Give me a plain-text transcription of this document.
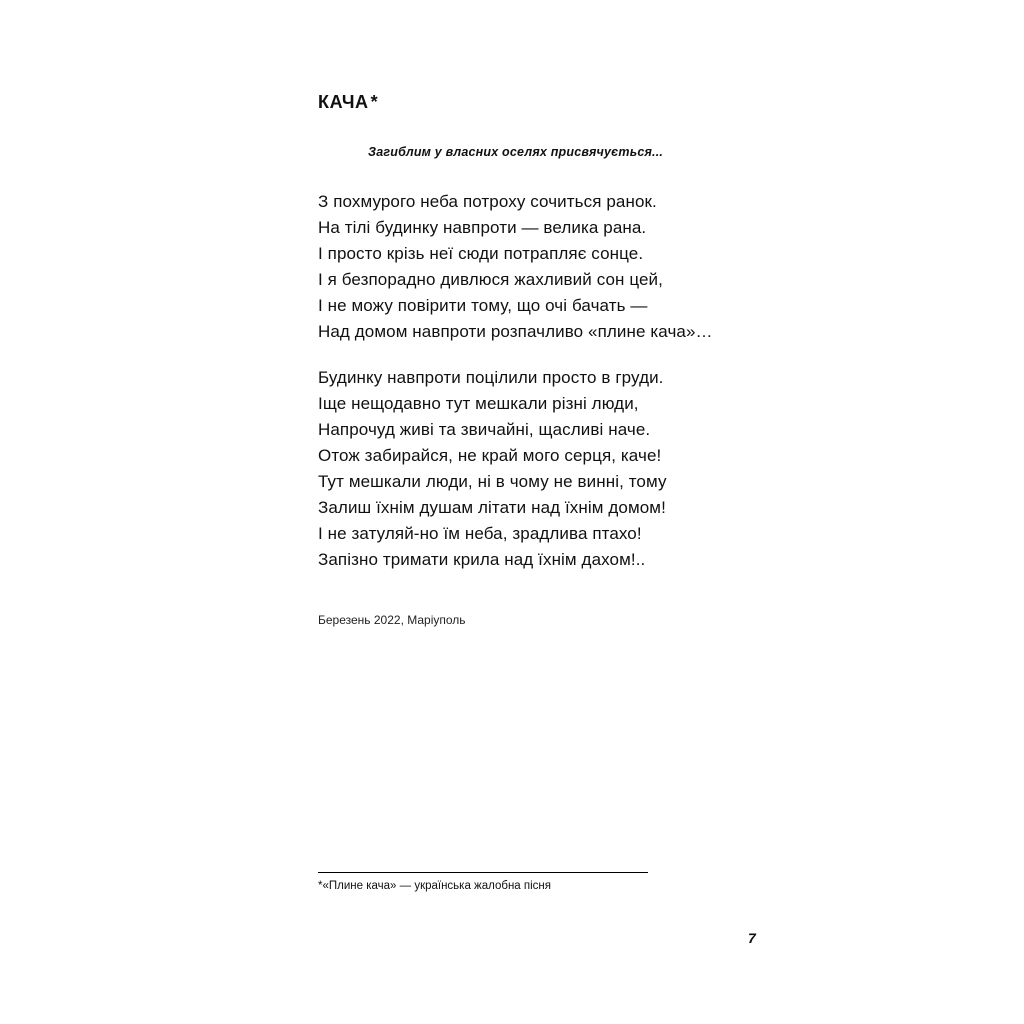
КАЧА *
Загиблим у власних оселях присвячується...
З похмурого неба потроху сочиться ранок.
На тілі будинку навпроти — велика рана.
І просто крізь неї сюди потрапляє сонце.
І я безпорадно дивлюся жахливий сон цей,
І не можу повірити тому, що очі бачать —
Над домом навпроти розпачливо «плине кача»…
Будинку навпроти поцілили просто в груди.
Іще нещодавно тут мешкали різні люди,
Напрочуд живі та звичайні, щасливі наче.
Отож забирайся, не край мого серця, каче!
Тут мешкали люди, ні в чому не винні, тому
Залиш їхнім душам літати над їхнім домом!
І не затуляй-но їм неба, зрадлива птахо!
Запізно тримати крила над їхнім дахом!..
Березень 2022, Маріуполь
*«Плине кача» — українська жалобна пісня
7
